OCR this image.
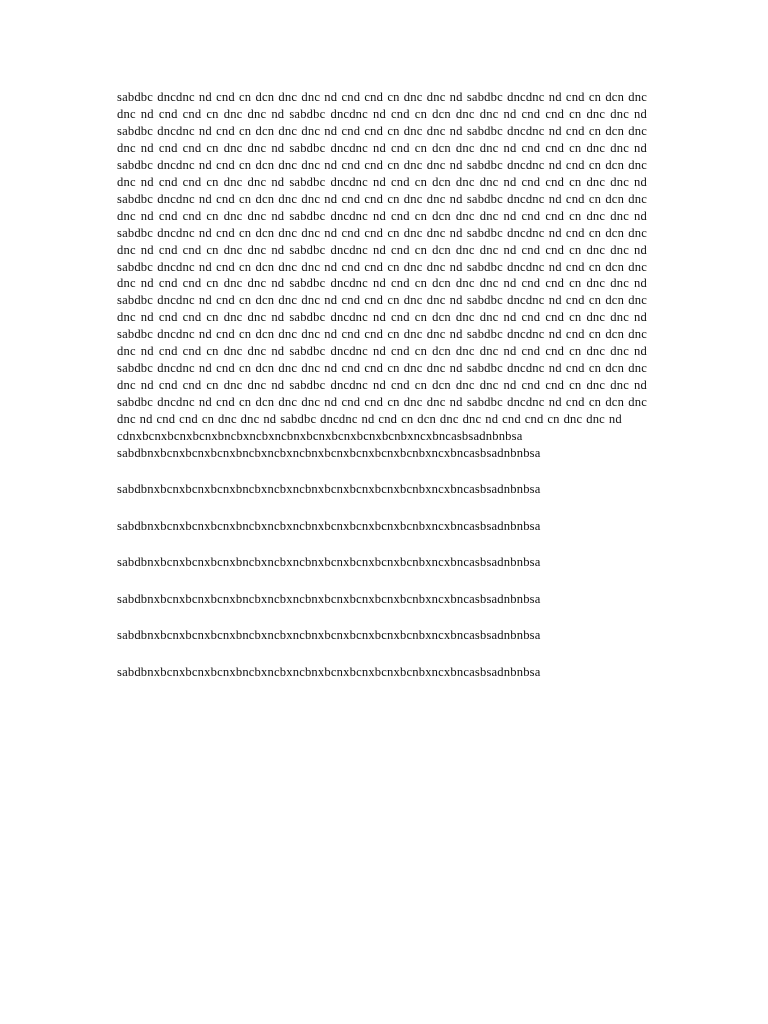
sabdbc dncdnc nd cnd cn dcn dnc dnc nd cnd cnd cn dnc dnc nd sabdbc dncdnc nd cnd cn dcn dnc dnc nd cnd cnd cn dnc dnc nd sabdbc dncdnc nd cnd cn dcn dnc dnc nd cnd cnd cn dnc dnc nd sabdbc dncdnc nd cnd cn dcn dnc dnc nd cnd cnd cn dnc dnc nd sabdbc dncdnc nd cnd cn dcn dnc dnc nd cnd cnd cn dnc dnc nd sabdbc dncdnc nd cnd cn dcn dnc dnc nd cnd cnd cn dnc dnc nd sabdbc dncdnc nd cnd cn dcn dnc dnc nd cnd cnd cn dnc dnc nd sabdbc dncdnc nd cnd cn dcn dnc dnc nd cnd cnd cn dnc dnc nd sabdbc dncdnc nd cnd cn dcn dnc dnc nd cnd cnd cn dnc dnc nd sabdbc dncdnc nd cnd cn dcn dnc dnc nd cnd cnd cn dnc dnc nd sabdbc dncdnc nd cnd cn dcn dnc dnc nd cnd cnd cn dnc dnc nd sabdbc dncdnc nd cnd cn dcn dnc dnc nd cnd cnd cn dnc dnc nd sabdbc dncdnc nd cnd cn dcn dnc dnc nd cnd cnd cn dnc dnc nd sabdbc dncdnc nd cnd cn dcn dnc dnc nd cnd cnd cn dnc dnc nd sabdbc dncdnc nd cnd cn dcn dnc dnc nd cnd cnd cn dnc dnc nd sabdbc dncdnc nd cnd cn dcn dnc dnc nd cnd cnd cn dnc dnc nd sabdbc dncdnc nd cnd cn dcn dnc dnc nd cnd cnd cn dnc dnc nd sabdbc dncdnc nd cnd cn dcn dnc dnc nd cnd cnd cn dnc dnc nd sabdbc dncdnc nd cnd cn dcn dnc dnc nd cnd cnd cn dnc dnc nd sabdbc dncdnc nd cnd cn dcn dnc dnc nd cnd cnd cn dnc dnc nd sabdbc dncdnc nd cnd cn dcn dnc dnc nd cnd cnd cn dnc dnc nd sabdbc dncdnc nd cnd cn dcn dnc dnc nd cnd cnd cn dnc dnc nd sabdbc dncdnc nd cnd cn dcn dnc dnc nd cnd cnd cn dnc dnc nd sabdbc dncdnc nd cnd cn dcn dnc dnc nd cnd cnd cn dnc dnc nd sabdbc dncdnc nd cnd cn dcn dnc dnc nd cnd cnd cn dnc dnc nd sabdbc dncdnc nd cnd cn dcn dnc dnc nd cnd cnd cn dnc dnc nd sabdbc dncdnc nd cnd cn dcn dnc dnc nd cnd cnd cn dnc dnc nd sabdbc dncdnc nd cnd cn dcn dnc dnc nd cnd cnd cn dnc dnc nd sabdbc dncdnc nd cnd cn dcn dnc dnc nd cnd cnd cn dnc dnc nd sabdbc dncdnc nd cnd cn dcn dnc dnc nd cnd cnd cn dnc dnc nd

cdnxbcnxbcnxbcnxbncbxncbxncbnxbcnxbcnxbcnxbcnbxncxbncasbsadnbnbsa

sabdbnxbcnxbcnxbcnxbncbxncbxncbnxbcnxbcnxbcnxbcnbxncxbncasbsadnbnbsa

sabdbnxbcnxbcnxbcnxbncbxncbxncbnxbcnxbcnxbcnxbcnbxncxbncasbsadnbnbsa

sabdbnxbcnxbcnxbcnxbncbxncbxncbnxbcnxbcnxbcnxbcnbxncxbncasbsadnbnbsa

sabdbnxbcnxbcnxbcnxbncbxncbxncbnxbcnxbcnxbcnxbcnbxncxbncasbsadnbnbsa

sabdbnxbcnxbcnxbcnxbncbxncbxncbnxbcnxbcnxbcnxbcnbxncxbncasbsadnbnbsa

sabdbnxbcnxbcnxbcnxbncbxncbxncbnxbcnxbcnxbcnxbcnbxncxbncasbsadnbnbsa

sabdbnxbcnxbcnxbcnxbncbxncbxncbnxbcnxbcnxbcnxbcnbxncxbncasbsadnbnbsa
